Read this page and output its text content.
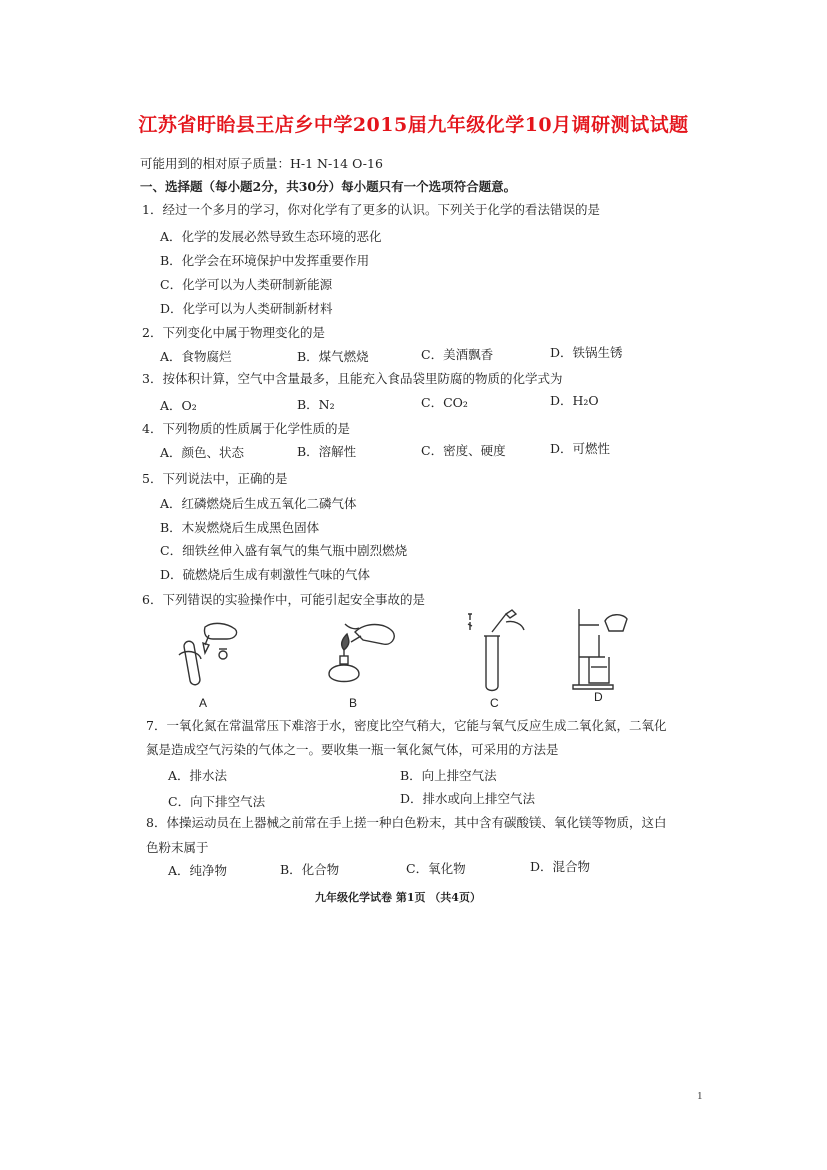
江苏省盱眙县王店乡中学2015届九年级化学10月调研测试试题
可能用到的相对原子质量：H-1 N-14 O-16
一、选择题（每小题2分，共30分）每小题只有一个选项符合题意。
1．经过一个多月的学习，你对化学有了更多的认识。下列关于化学的看法错误的是
A．化学的发展必然导致生态环境的恶化
B．化学会在环境保护中发挥重要作用
C．化学可以为人类研制新能源
D．化学可以为人类研制新材料
2．下列变化中属于物理变化的是
A．食物腐烂	B．煤气燃烧	C．美酒飘香	D．铁锅生锈
3．按体积计算，空气中含量最多，且能充入食品袋里防腐的物质的化学式为
A．O₂	B．N₂	C．CO₂	D．H₂O
4．下列物质的性质属于化学性质的是
A．颜色、状态	B．溶解性	C．密度、硬度	D．可燃性
5．下列说法中，正确的是
A．红磷燃烧后生成五氧化二磷气体
B．木炭燃烧后生成黑色固体
C．细铁丝伸入盛有氧气的集气瓶中剧烈燃烧
D．硫燃烧后生成有刺激性气味的气体
6．下列错误的实验操作中，可能引起安全事故的是
A	B	C	D
7．一氧化氮在常温常压下难溶于水，密度比空气稍大，它能与氧气反应生成二氧化氮，二氧化
氮是造成空气污染的气体之一。要收集一瓶一氧化氮气体，可采用的方法是
A．排水法	B．向上排空气法
C．向下排空气法	D．排水或向上排空气法
8．体操运动员在上器械之前常在手上搓一种白色粉末，其中含有碳酸镁、氧化镁等物质，这白
色粉末属于
A．纯净物	B．化合物	C．氧化物	D．混合物
九年级化学试卷 第1页 （共4页）
1
